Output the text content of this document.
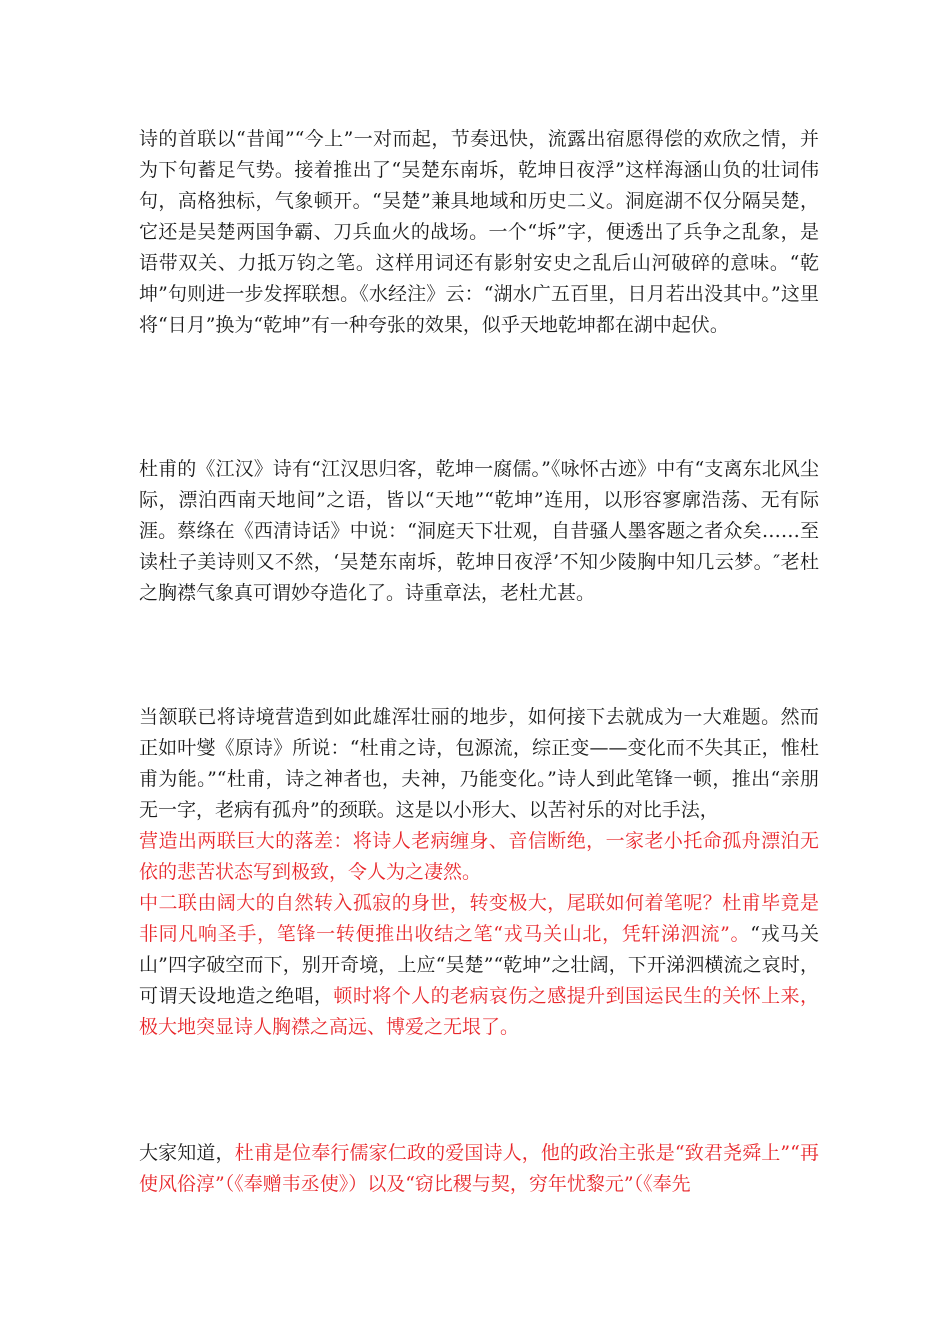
诗的首联以“昔闻”“今上”一对而起，节奏迅快，流露出宿愿得偿的欢欣之情，并为下句蓄足气势。接着推出了“吴楚东南坼，乾坤日夜浮”这样海涵山负的壮词伟句，高格独标，气象顿开。“吴楚”兼具地域和历史二义。洞庭湖不仅分隔吴楚，它还是吴楚两国争霸、刀兵血火的战场。一个“坼”字，便透出了兵争之乱象，是语带双关、力抵万钧之笔。这样用词还有影射安史之乱后山河破碎的意味。“乾坤”句则进一步发挥联想。《水经注》云：“湖水广五百里，日月若出没其中。”这里将“日月”换为“乾坤”有一种夸张的效果，似乎天地乾坤都在湖中起伏。
杜甫的《江汉》诗有“江汉思归客，乾坤一腐儒。”《咏怀古迹》中有“支离东北风尘际，漂泊西南天地间”之语，皆以“天地”“乾坤”连用，以形容寥廓浩荡、无有际涯。蔡绦在《西清诗话》中说：“洞庭天下壮观，自昔骚人墨客题之者众矣……至读杜子美诗则又不然，‘吴楚东南坼，乾坤日夜浮’不知少陵胸中知几云梦。″老杜之胸襟气象真可谓妙夺造化了。诗重章法，老杜尤甚。
当颔联已将诗境营造到如此雄浑壮丽的地步，如何接下去就成为一大难题。然而正如叶燮《原诗》所说：“杜甫之诗，包源流，综正变——变化而不失其正，惟杜甫为能。”“杜甫，诗之神者也，夫神，乃能变化。”诗人到此笔锋一顿，推出“亲朋无一字，老病有孤舟”的颈联。这是以小形大、以苦衬乐的对比手法，
营造出两联巨大的落差：将诗人老病缠身、音信断绝，一家老小托命孤舟漂泊无依的悲苦状态写到极致，令人为之凄然。
中二联由阔大的自然转入孤寂的身世，转变极大，尾联如何着笔呢？杜甫毕竟是非同凡响圣手，笔锋一转便推出收结之笔“戎马关山北，凭轩涕泗流”。“戎马关山”四字破空而下，别开奇境，上应“吴楚”“乾坤”之壮阔，下开涕泗横流之哀时，可谓天设地造之绝唱，顿时将个人的老病哀伤之感提升到国运民生的关怀上来，极大地突显诗人胸襟之高远、博爱之无垠了。
大家知道，杜甫是位奉行儒家仁政的爱国诗人，他的政治主张是“致君尧舜上”“再使风俗淳”（《奉赠韦丞使》）以及“窃比稷与契，穷年忧黎元”（《奉先
